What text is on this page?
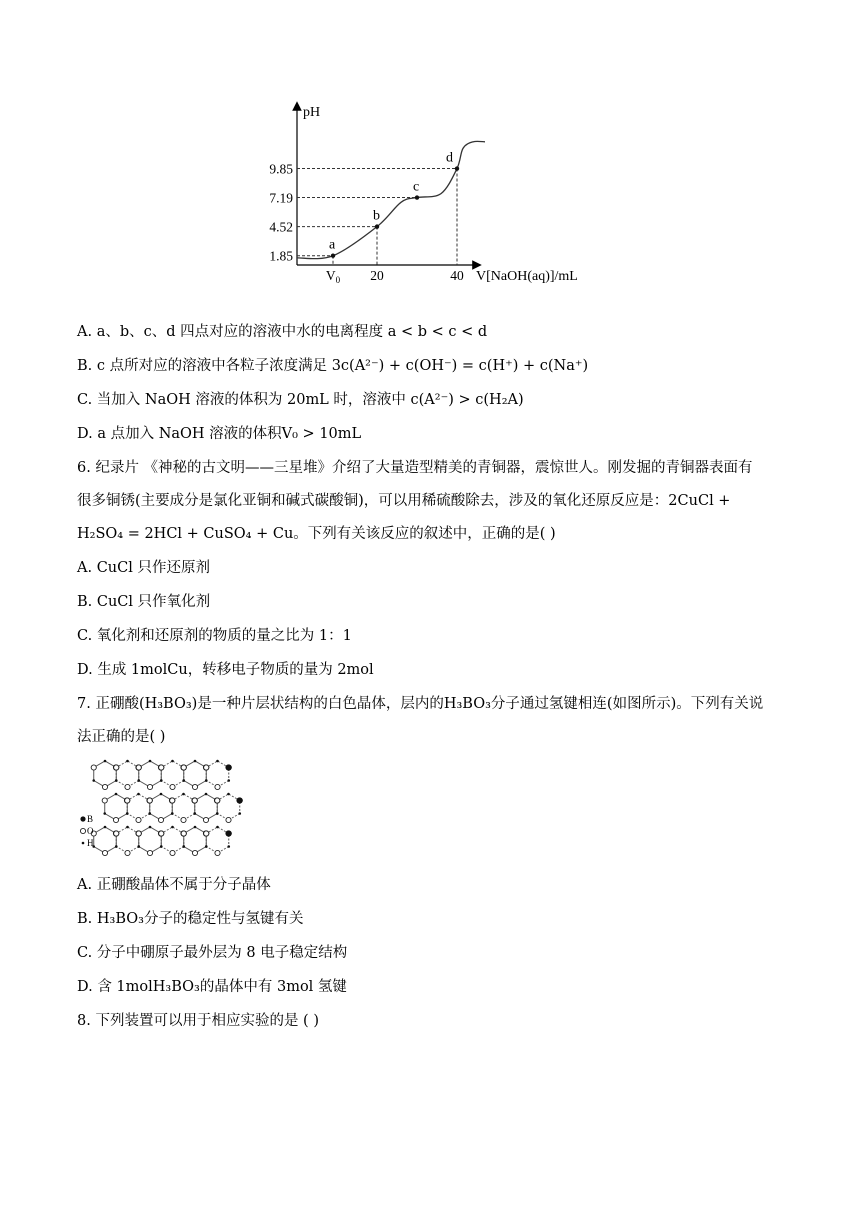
pH
V[NaOH(aq)]/mL
1.85
4.52
7.19
9.85
$V_0$ 20	40
a
b
c
d
A. a、b、c、d 四点对应的溶液中水的电离程度 a < b < c < d
B. c 点所对应的溶液中各粒子浓度满足 3c(A²⁻) + c(OH⁻) = c(H⁺) + c(Na⁺)
C. 当加入 NaOH 溶液的体积为 20mL 时，溶液中 c(A²⁻) > c(H₂A)
D. a 点加入 NaOH 溶液的体积V₀ > 10mL
6. 纪录片 《神秘的古文明——三星堆》介绍了大量造型精美的青铜器，震惊世人。刚发掘的青铜器表面有
很多铜锈(主要成分是氯化亚铜和碱式碳酸铜)，可以用稀硫酸除去，涉及的氧化还原反应是：2CuCl +
H₂SO₄ = 2HCl + CuSO₄ + Cu。下列有关该反应的叙述中，正确的是( )
A. CuCl 只作还原剂
B. CuCl 只作氧化剂
C. 氧化剂和还原剂的物质的量之比为 1：1
D. 生成 1molCu，转移电子物质的量为 2mol
7. 正硼酸(H₃BO₃)是一种片层状结构的白色晶体，层内的H₃BO₃分子通过氢键相连(如图所示)。下列有关说
法正确的是( )
B
O
H
A. 正硼酸晶体不属于分子晶体
B. H₃BO₃分子的稳定性与氢键有关
C. 分子中硼原子最外层为 8 电子稳定结构
D. 含 1molH₃BO₃的晶体中有 3mol 氢键
8. 下列装置可以用于相应实验的是 ( )
